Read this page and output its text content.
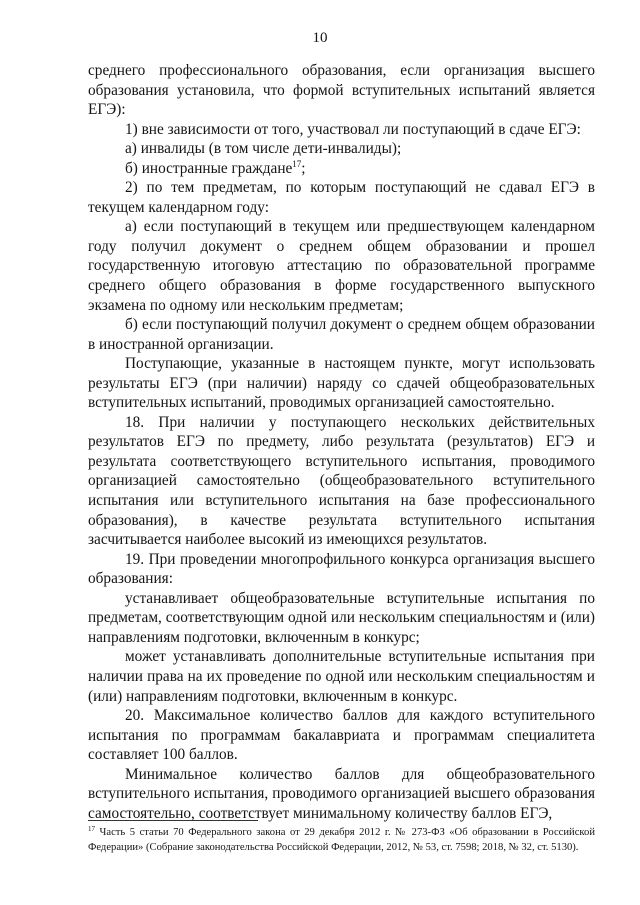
10

среднего профессионального образования, если организация высшего образования установила, что формой вступительных испытаний является ЕГЭ):

1) вне зависимости от того, участвовал ли поступающий в сдаче ЕГЭ:

а) инвалиды (в том числе дети-инвалиды);

б) иностранные граждане$^{17}$;

2) по тем предметам, по которым поступающий не сдавал ЕГЭ в текущем календарном году:

а) если поступающий в текущем или предшествующем календарном году получил документ о среднем общем образовании и прошел государственную итоговую аттестацию по образовательной программе среднего общего образования в форме государственного выпускного экзамена по одному или нескольким предметам;

б) если поступающий получил документ о среднем общем образовании в иностранной организации.

Поступающие, указанные в настоящем пункте, могут использовать результаты ЕГЭ (при наличии) наряду со сдачей общеобразовательных вступительных испытаний, проводимых организацией самостоятельно.

18. При наличии у поступающего нескольких действительных результатов ЕГЭ по предмету, либо результата (результатов) ЕГЭ и результата соответствующего вступительного испытания, проводимого организацией самостоятельно (общеобразовательного вступительного испытания или вступительного испытания на базе профессионального образования), в качестве результата вступительного испытания засчитывается наиболее высокий из имеющихся результатов.

19. При проведении многопрофильного конкурса организация высшего образования:

устанавливает общеобразовательные вступительные испытания по предметам, соответствующим одной или нескольким специальностям и (или) направлениям подготовки, включенным в конкурс;

может устанавливать дополнительные вступительные испытания при наличии права на их проведение по одной или нескольким специальностям и (или) направлениям подготовки, включенным в конкурс.

20. Максимальное количество баллов для каждого вступительного испытания по программам бакалавриата и программам специалитета составляет 100 баллов.

Минимальное количество баллов для общеобразовательного вступительного испытания, проводимого организацией высшего образования самостоятельно, соответствует минимальному количеству баллов ЕГЭ,

$^{17}$ Часть 5 статьи 70 Федерального закона от 29 декабря 2012 г. № 273-ФЗ «Об образовании в Российской Федерации» (Собрание законодательства Российской Федерации, 2012, № 53, ст. 7598; 2018, № 32, ст. 5130).
